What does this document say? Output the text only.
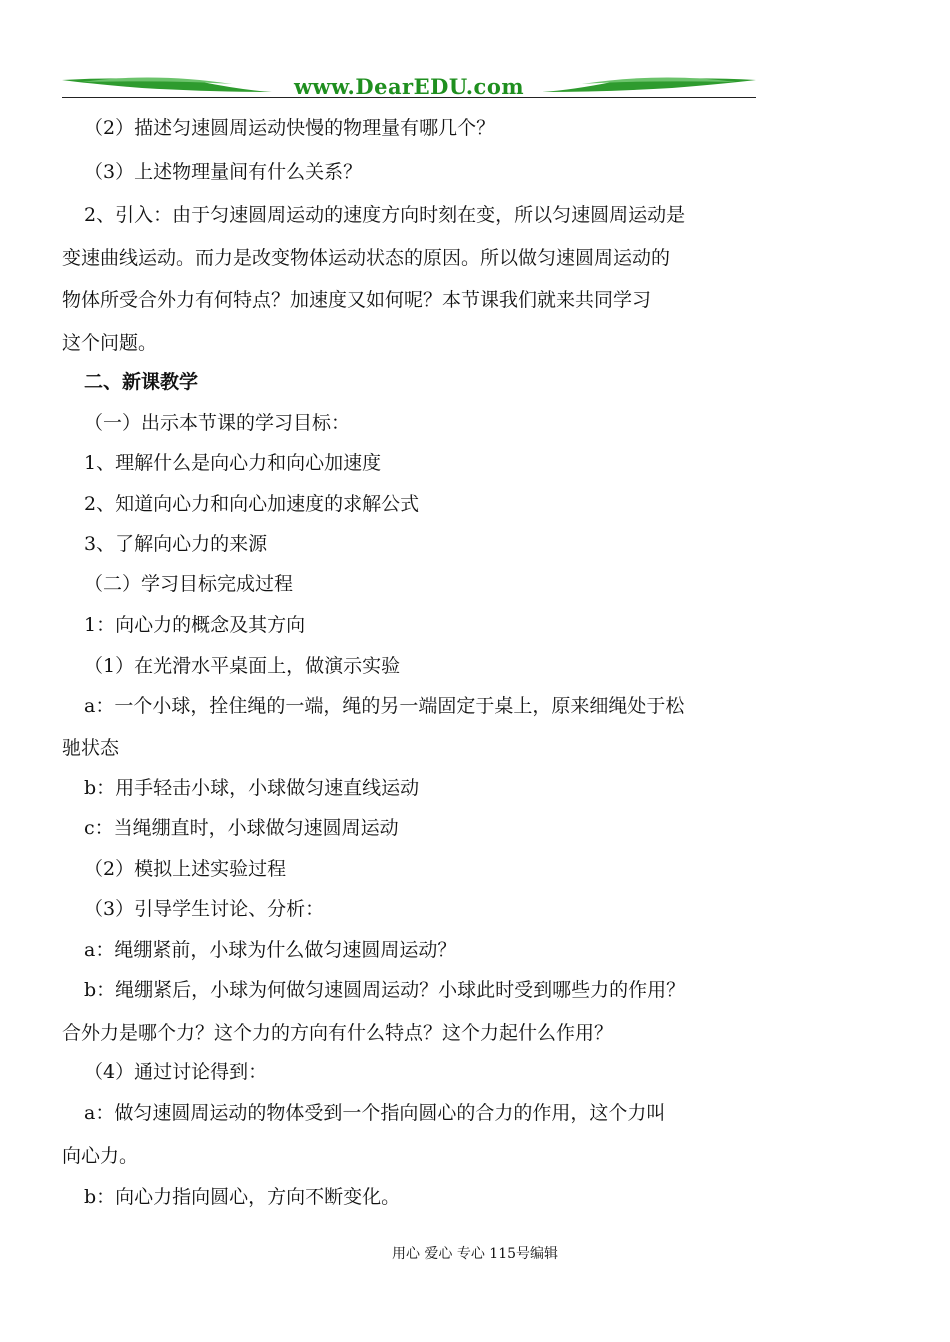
www.DearEDU.com
（2）描述匀速圆周运动快慢的物理量有哪几个？
（3）上述物理量间有什么关系？
2、引入：由于匀速圆周运动的速度方向时刻在变，所以匀速圆周运动是
变速曲线运动。而力是改变物体运动状态的原因。所以做匀速圆周运动的
物体所受合外力有何特点？加速度又如何呢？本节课我们就来共同学习
这个问题。
二、新课教学
（一）出示本节课的学习目标：
1、理解什么是向心力和向心加速度
2、知道向心力和向心加速度的求解公式
3、了解向心力的来源
（二）学习目标完成过程
1：向心力的概念及其方向
（1）在光滑水平桌面上，做演示实验
a：一个小球，拴住绳的一端，绳的另一端固定于桌上，原来细绳处于松
驰状态
b：用手轻击小球，小球做匀速直线运动
c：当绳绷直时，小球做匀速圆周运动
（2）模拟上述实验过程
（3）引导学生讨论、分析：
a：绳绷紧前，小球为什么做匀速圆周运动？
b：绳绷紧后，小球为何做匀速圆周运动？小球此时受到哪些力的作用？
合外力是哪个力？这个力的方向有什么特点？这个力起什么作用？
（4）通过讨论得到：
a：做匀速圆周运动的物体受到一个指向圆心的合力的作用，这个力叫
向心力。
b：向心力指向圆心，方向不断变化。
用心 爱心 专心 115号编辑
